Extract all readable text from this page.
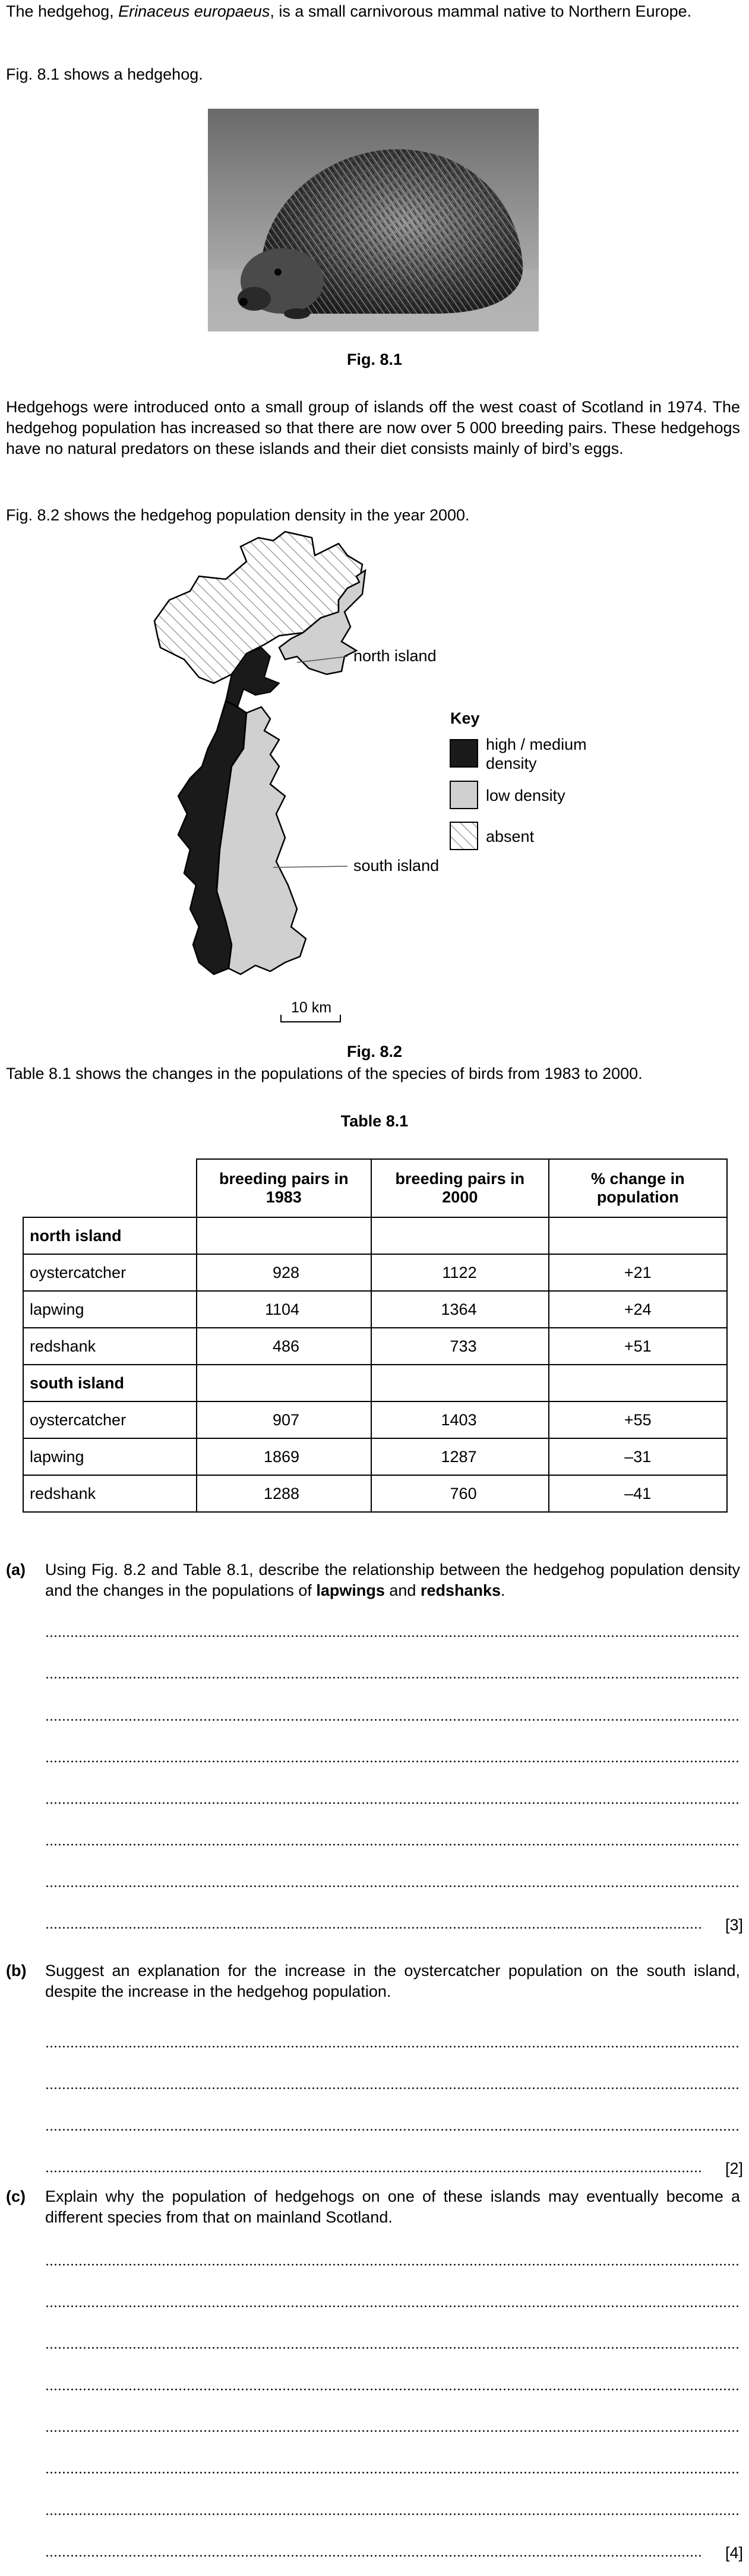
The hedgehog, Erinaceus europaeus, is a small carnivorous mammal native to Northern Europe.

Fig. 8.1 shows a hedgehog.

Fig. 8.1

Hedgehogs were introduced onto a small group of islands off the west coast of Scotland in 1974. The hedgehog population has increased so that there are now over 5 000 breeding pairs. These hedgehogs have no natural predators on these islands and their diet consists mainly of bird’s eggs.

Fig. 8.2 shows the hedgehog population density in the year 2000.

north island
south island
10 km
Key
high / medium density
low density
absent
Fig. 8.2

Table 8.1 shows the changes in the populations of the species of birds from 1983 to 2000.

Table 8.1
	breeding pairs in 1983	breeding pairs in 2000	% change in population
north island			
oystercatcher	928	1122	+21
lapwing	1104	1364	+24
redshank	486	733	+51
south island			
oystercatcher	907	1403	+55
lapwing	1869	1287	–31
redshank	1288	760	–41
(a) Using Fig. 8.2 and Table 8.1, describe the relationship between the hedgehog population density and the changes in the populations of lapwings and redshanks.

[3]
(b) Suggest an explanation for the increase in the oystercatcher population on the south island, despite the increase in the hedgehog population.

[2]
(c) Explain why the population of hedgehogs on one of these islands may eventually become a different species from that on mainland Scotland.

[4]
